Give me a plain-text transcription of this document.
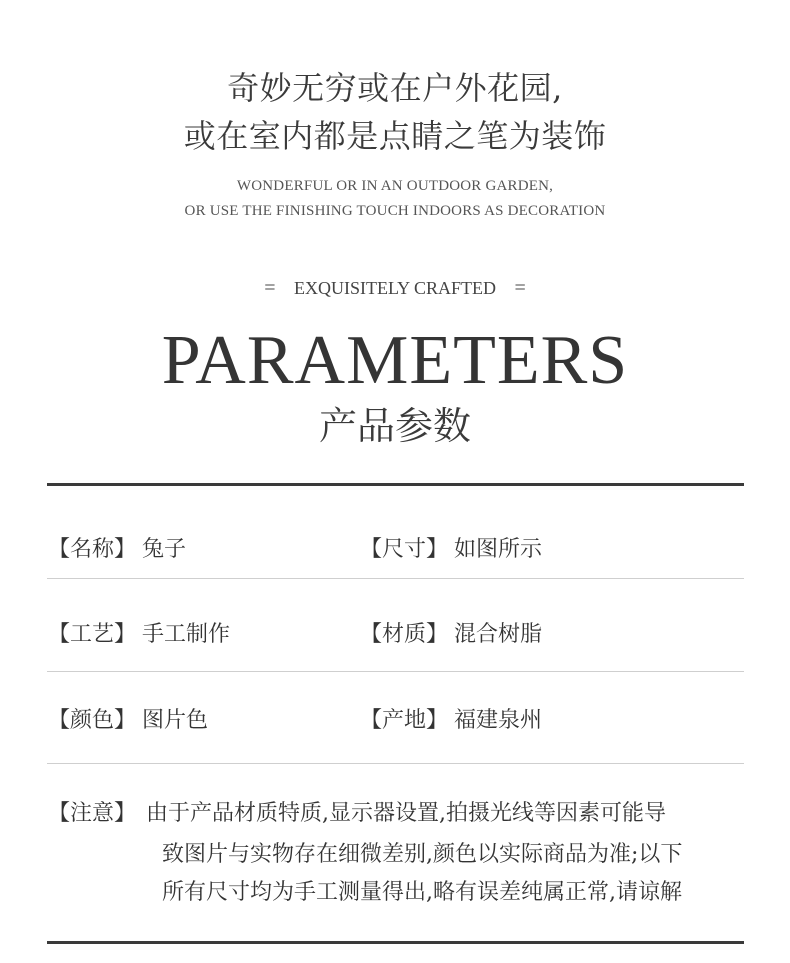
奇妙无穷或在户外花园,
或在室内都是点睛之笔为装饰
WONDERFUL OR IN AN OUTDOOR GARDEN,
OR USE THE FINISHING TOUCH INDOORS AS DECORATION
= EXQUISITELY CRAFTED =
PARAMETERS
产品参数
【名称】 兔子	【尺寸】 如图所示
【工艺】 手工制作	【材质】 混合树脂
【颜色】 图片色	【产地】 福建泉州
【注意】 由于产品材质特质,显示器设置,拍摄光线等因素可能导
致图片与实物存在细微差别,颜色以实际商品为准;以下
所有尺寸均为手工测量得出,略有误差纯属正常,请谅解
